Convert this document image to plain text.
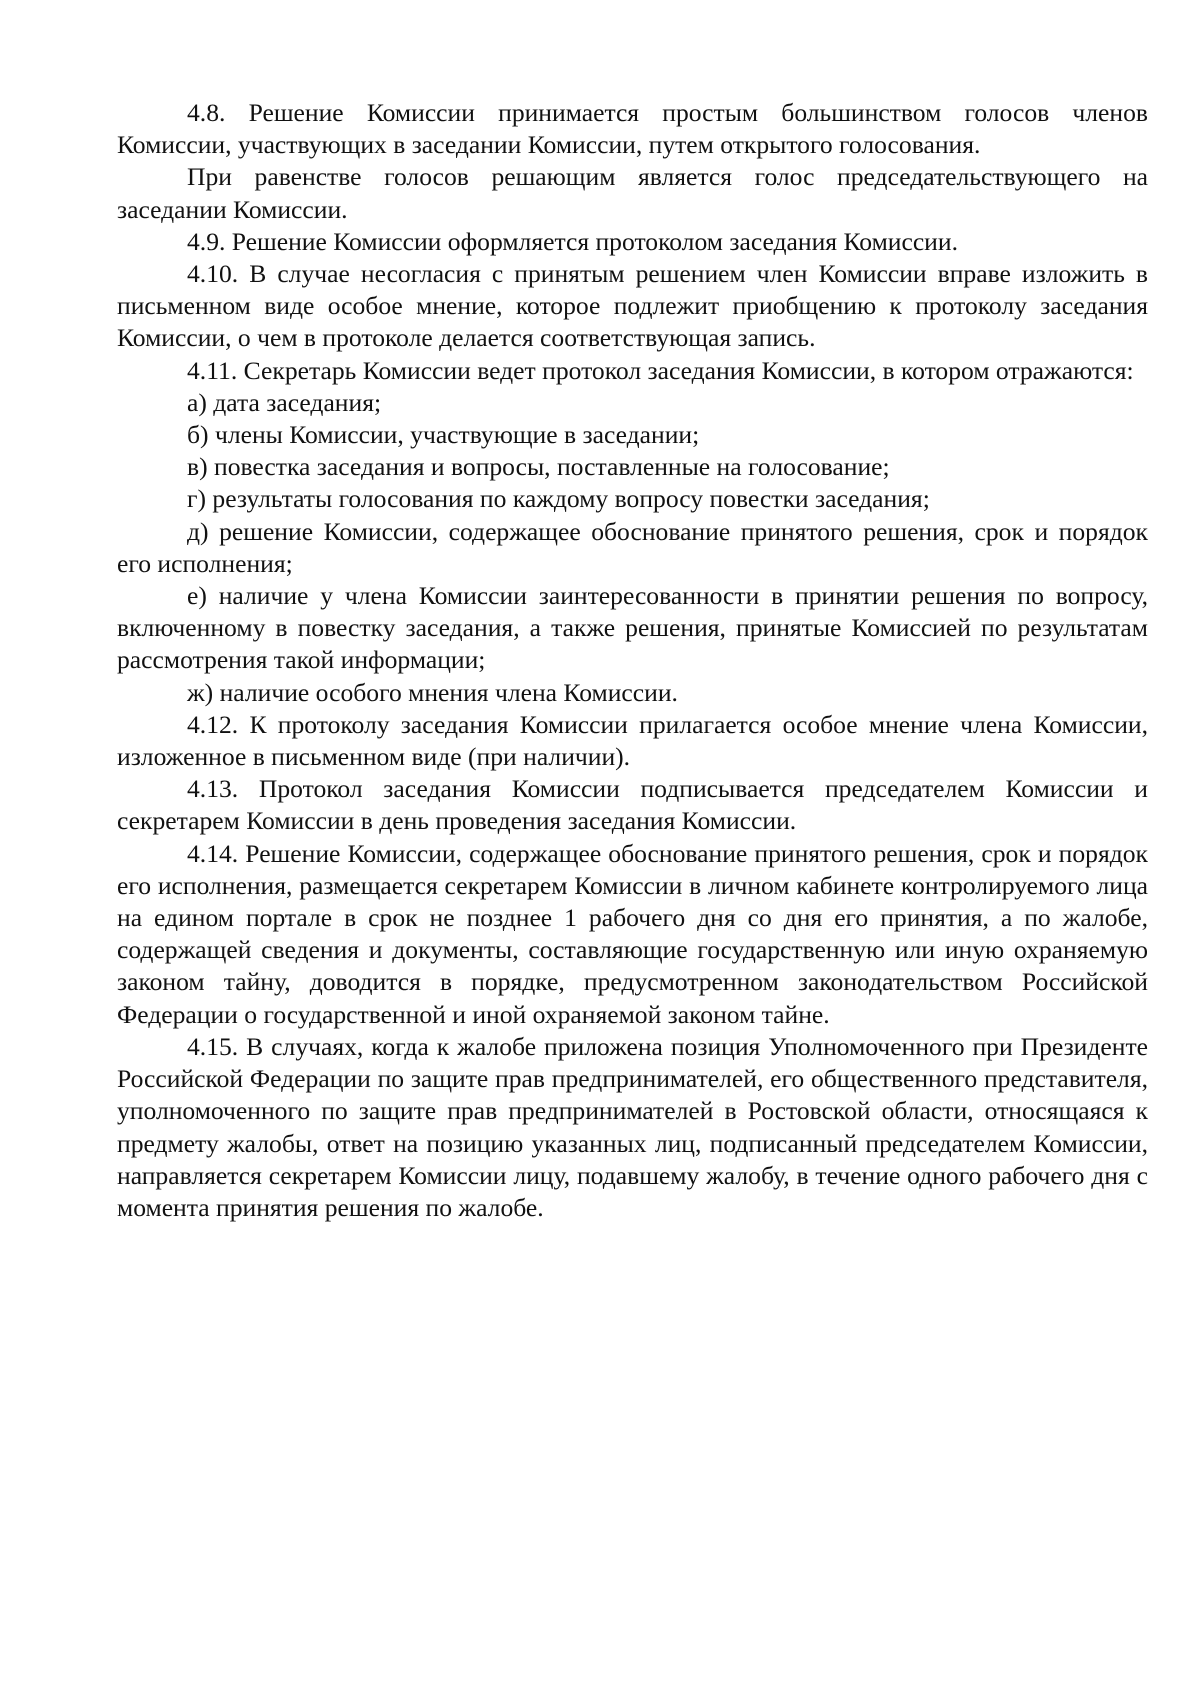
4.8. Решение Комиссии принимается простым большинством голосов членов Комиссии, участвующих в заседании Комиссии, путем открытого голосования.

При равенстве голосов решающим является голос председательствующего на заседании Комиссии.

4.9. Решение Комиссии оформляется протоколом заседания Комиссии.

4.10. В случае несогласия с принятым решением член Комиссии вправе изложить в письменном виде особое мнение, которое подлежит приобщению к протоколу заседания Комиссии, о чем в протоколе делается соответствующая запись.

4.11. Секретарь Комиссии ведет протокол заседания Комиссии, в котором отражаются:

а) дата заседания;

б) члены Комиссии, участвующие в заседании;

в) повестка заседания и вопросы, поставленные на голосование;

г) результаты голосования по каждому вопросу повестки заседания;

д) решение Комиссии, содержащее обоснование принятого решения, срок и порядок его исполнения;

е) наличие у члена Комиссии заинтересованности в принятии решения по вопросу, включенному в повестку заседания, а также решения, принятые Комиссией по результатам рассмотрения такой информации;

ж) наличие особого мнения члена Комиссии.

4.12. К протоколу заседания Комиссии прилагается особое мнение члена Комиссии, изложенное в письменном виде (при наличии).

4.13. Протокол заседания Комиссии подписывается председателем Комиссии и секретарем Комиссии в день проведения заседания Комиссии.

4.14. Решение Комиссии, содержащее обоснование принятого решения, срок и порядок его исполнения, размещается секретарем Комиссии в личном кабинете контролируемого лица на едином портале в срок не позднее 1 рабочего дня со дня его принятия, а по жалобе, содержащей сведения и документы, составляющие государственную или иную охраняемую законом тайну, доводится в порядке, предусмотренном законодательством Российской Федерации о государственной и иной охраняемой законом тайне.

4.15. В случаях, когда к жалобе приложена позиция Уполномоченного при Президенте Российской Федерации по защите прав предпринимателей, его общественного представителя, уполномоченного по защите прав предпринимателей в Ростовской области, относящаяся к предмету жалобы, ответ на позицию указанных лиц, подписанный председателем Комиссии, направляется секретарем Комиссии лицу, подавшему жалобу, в течение одного рабочего дня с момента принятия решения по жалобе.
